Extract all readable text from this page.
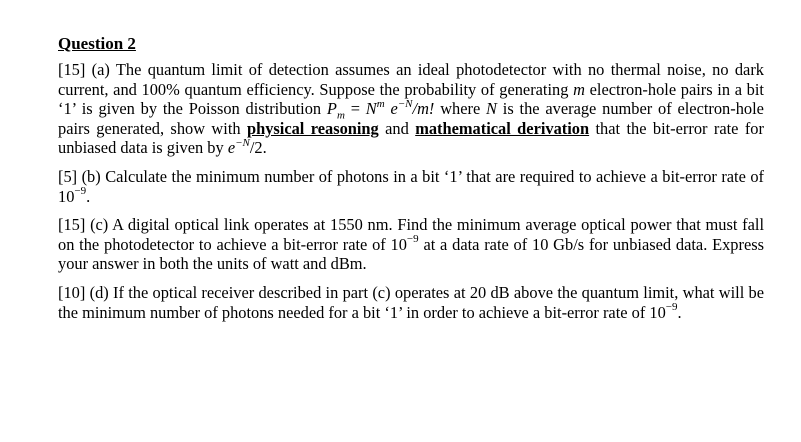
Question 2

[15] (a) The quantum limit of detection assumes an ideal photodetector with no thermal noise, no dark current, and 100% quantum efficiency. Suppose the probability of generating m electron-hole pairs in a bit ‘1’ is given by the Poisson distribution $P_m = N^m$ $e^{-N}/m$! where N is the average number of electron-hole pairs generated, show with physical reasoning and mathematical derivation that the bit-error rate for unbiased data is given by $e^{-N}/2$.

[5] (b) Calculate the minimum number of photons in a bit ‘1’ that are required to achieve a bit-error rate of $10^{-9}$.

[15] (c) A digital optical link operates at 1550 nm. Find the minimum average optical power that must fall on the photodetector to achieve a bit-error rate of $10^{-9}$ at a data rate of 10 Gb/s for unbiased data. Express your answer in both the units of watt and dBm.

[10] (d) If the optical receiver described in part (c) operates at 20 dB above the quantum limit, what will be the minimum number of photons needed for a bit ‘1’ in order to achieve a bit-error rate of $10^{-9}$.
